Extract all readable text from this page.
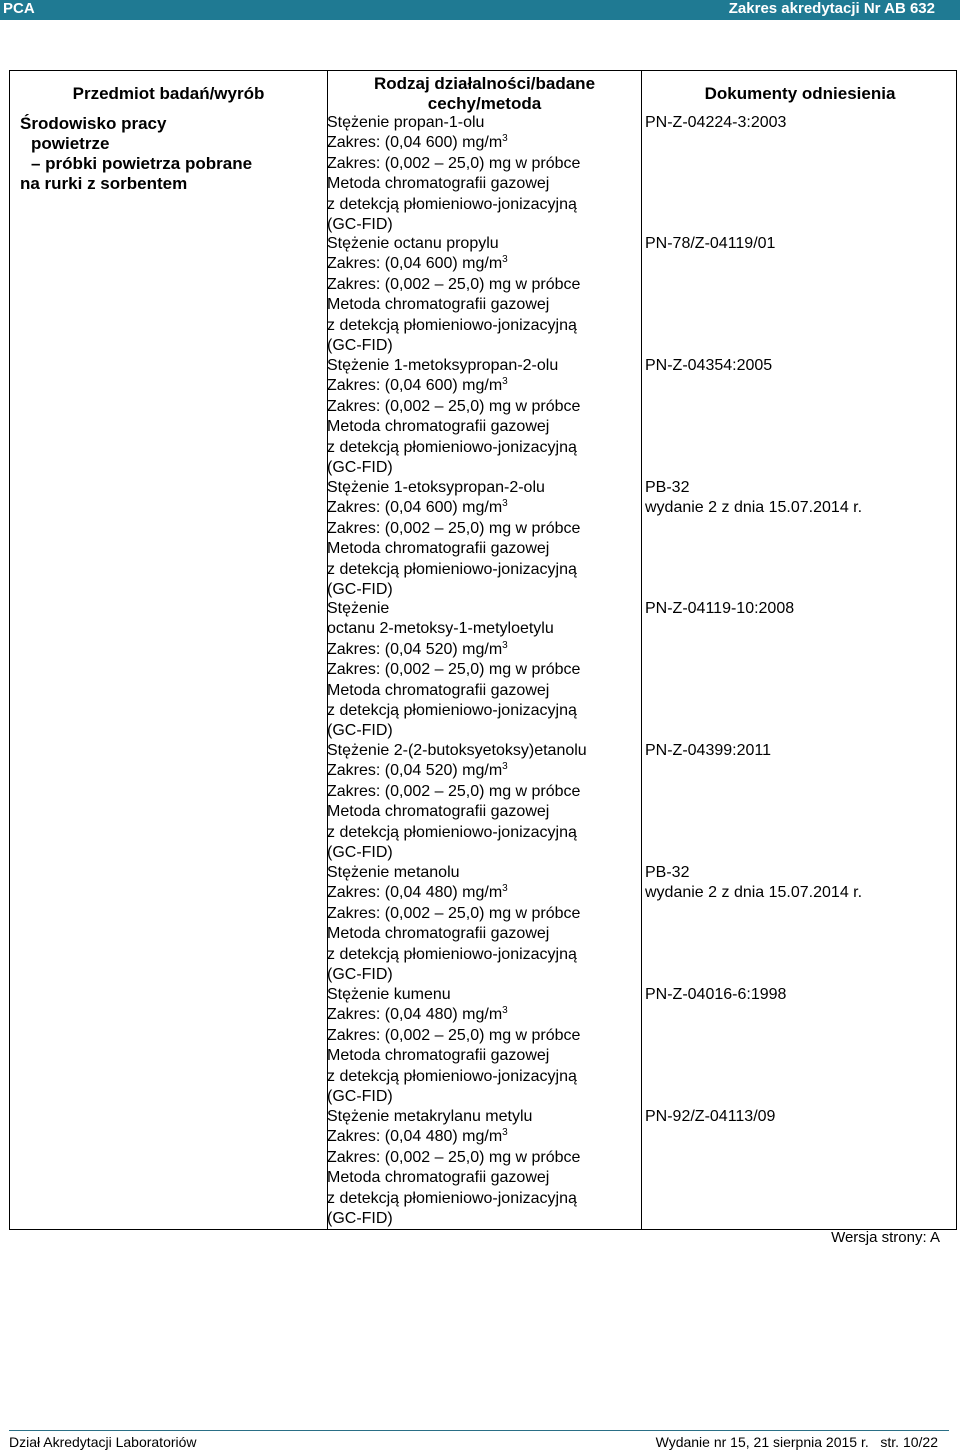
PCA	Zakres akredytacji Nr AB 632
Przedmiot badań/wyrób
Rodzaj działalności/badane
cechy/metoda
Dokumenty odniesienia
Środowisko pracy
powietrze
– próbki powietrza pobrane
na rurki z sorbentem
Stężenie propan-1-olu
Zakres: (0,04 600) $mg/m^3$
Zakres: (0,002 – 25,0) mg w próbce
Metoda chromatografii gazowej
z detekcją płomieniowo-jonizacyjną
(GC-FID)
PN-Z-04224-3:2003
Stężenie octanu propylu
Zakres: (0,04 600) $mg/m^3$
Zakres: (0,002 – 25,0) mg w próbce
Metoda chromatografii gazowej
z detekcją płomieniowo-jonizacyjną
(GC-FID)
PN-78/Z-04119/01
Stężenie 1-metoksypropan-2-olu
Zakres: (0,04 600) $mg/m^3$
Zakres: (0,002 – 25,0) mg w próbce
Metoda chromatografii gazowej
z detekcją płomieniowo-jonizacyjną
(GC-FID)
PN-Z-04354:2005
Stężenie 1-etoksypropan-2-olu
Zakres: (0,04 600) $mg/m^3$
Zakres: (0,002 – 25,0) mg w próbce
Metoda chromatografii gazowej
z detekcją płomieniowo-jonizacyjną
(GC-FID)
PB-32
wydanie 2 z dnia 15.07.2014 r.
Stężenie
octanu 2-metoksy-1-metyloetylu
Zakres: (0,04 520) $mg/m^3$
Zakres: (0,002 – 25,0) mg w próbce
Metoda chromatografii gazowej
z detekcją płomieniowo-jonizacyjną
(GC-FID)
PN-Z-04119-10:2008
Stężenie 2-(2-butoksyetoksy)etanolu
Zakres: (0,04 520) $mg/m^3$
Zakres: (0,002 – 25,0) mg w próbce
Metoda chromatografii gazowej
z detekcją płomieniowo-jonizacyjną
(GC-FID)
PN-Z-04399:2011
Stężenie metanolu
Zakres: (0,04 480) $mg/m^3$
Zakres: (0,002 – 25,0) mg w próbce
Metoda chromatografii gazowej
z detekcją płomieniowo-jonizacyjną
(GC-FID)
PB-32
wydanie 2 z dnia 15.07.2014 r.
Stężenie kumenu
Zakres: (0,04 480) $mg/m^3$
Zakres: (0,002 – 25,0) mg w próbce
Metoda chromatografii gazowej
z detekcją płomieniowo-jonizacyjną
(GC-FID)
PN-Z-04016-6:1998
Stężenie metakrylanu metylu
Zakres: (0,04 480) $mg/m^3$
Zakres: (0,002 – 25,0) mg w próbce
Metoda chromatografii gazowej
z detekcją płomieniowo-jonizacyjną
(GC-FID)
PN-92/Z-04113/09
Wersja strony: A
Dział Akredytacji Laboratoriów	Wydanie nr 15, 21 sierpnia 2015 r.   str. 10/22
